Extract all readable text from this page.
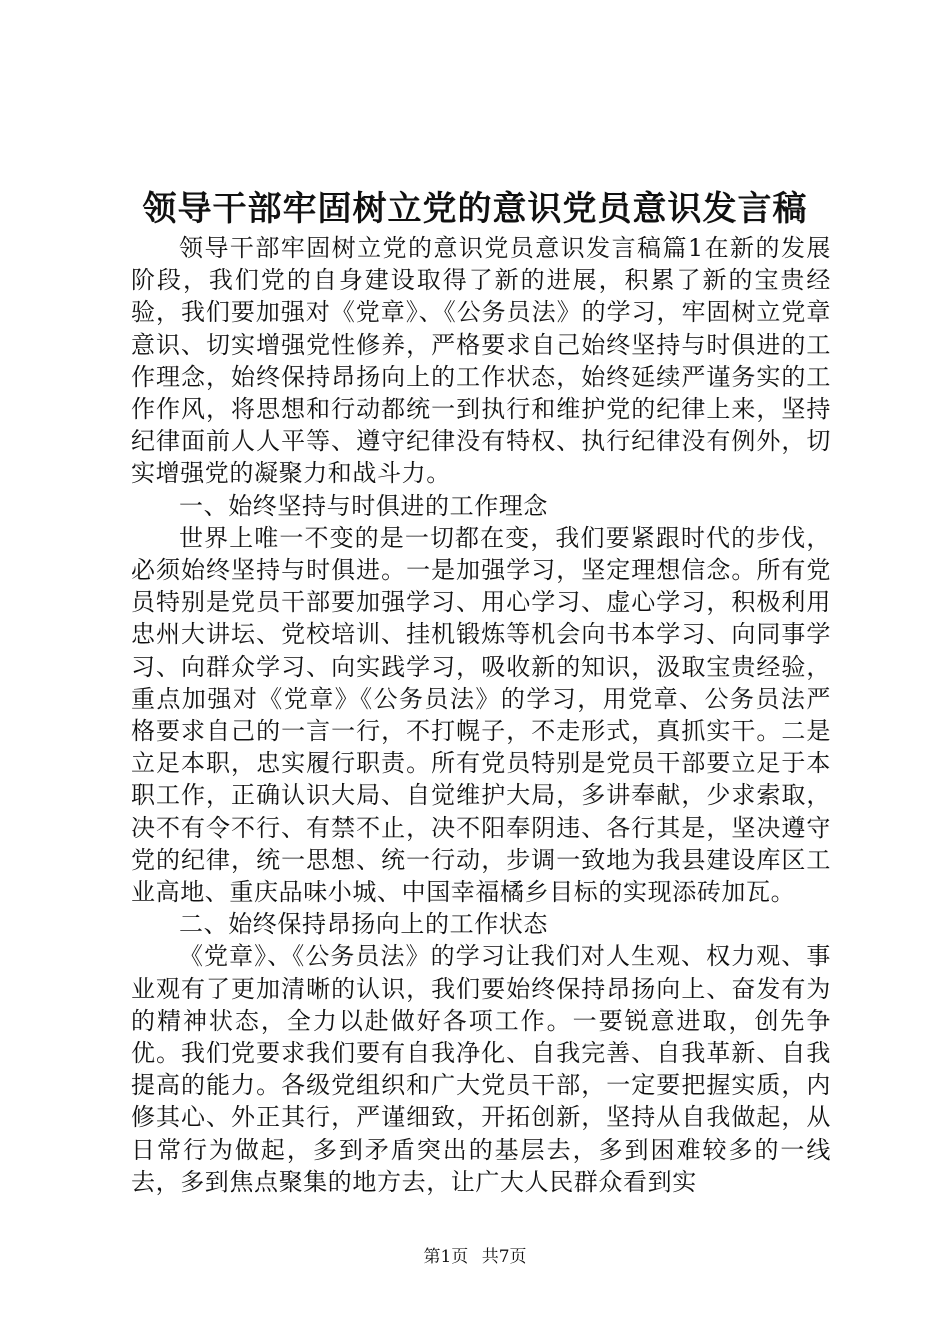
领导干部牢固树立党的意识党员意识发言稿

领导干部牢固树立党的意识党员意识发言稿篇1在新的发展阶段，我们党的自身建设取得了新的进展，积累了新的宝贵经验，我们要加强对《党章》、《公务员法》的学习，牢固树立党章意识、切实增强党性修养，严格要求自己始终坚持与时俱进的工作理念，始终保持昂扬向上的工作状态，始终延续严谨务实的工作作风，将思想和行动都统一到执行和维护党的纪律上来，坚持纪律面前人人平等、遵守纪律没有特权、执行纪律没有例外，切实增强党的凝聚力和战斗力。

一、始终坚持与时俱进的工作理念

世界上唯一不变的是一切都在变，我们要紧跟时代的步伐，必须始终坚持与时俱进。一是加强学习，坚定理想信念。所有党员特别是党员干部要加强学习、用心学习、虚心学习，积极利用忠州大讲坛、党校培训、挂机锻炼等机会向书本学习、向同事学习、向群众学习、向实践学习，吸收新的知识，汲取宝贵经验，重点加强对《党章》《公务员法》的学习，用党章、公务员法严格要求自己的一言一行，不打幌子，不走形式，真抓实干。二是立足本职，忠实履行职责。所有党员特别是党员干部要立足于本职工作，正确认识大局、自觉维护大局，多讲奉献，少求索取，决不有令不行、有禁不止，决不阳奉阴违、各行其是，坚决遵守党的纪律，统一思想、统一行动，步调一致地为我县建设库区工业高地、重庆品味小城、中国幸福橘乡目标的实现添砖加瓦。

二、始终保持昂扬向上的工作状态

《党章》、《公务员法》的学习让我们对人生观、权力观、事业观有了更加清晰的认识，我们要始终保持昂扬向上、奋发有为的精神状态，全力以赴做好各项工作。一要锐意进取，创先争优。我们党要求我们要有自我净化、自我完善、自我革新、自我提高的能力。各级党组织和广大党员干部，一定要把握实质，内修其心、外正其行，严谨细致，开拓创新，坚持从自我做起，从日常行为做起，多到矛盾突出的基层去，多到困难较多的一线去，多到焦点聚集的地方去，让广大人民群众看到实

第1页 共7页
